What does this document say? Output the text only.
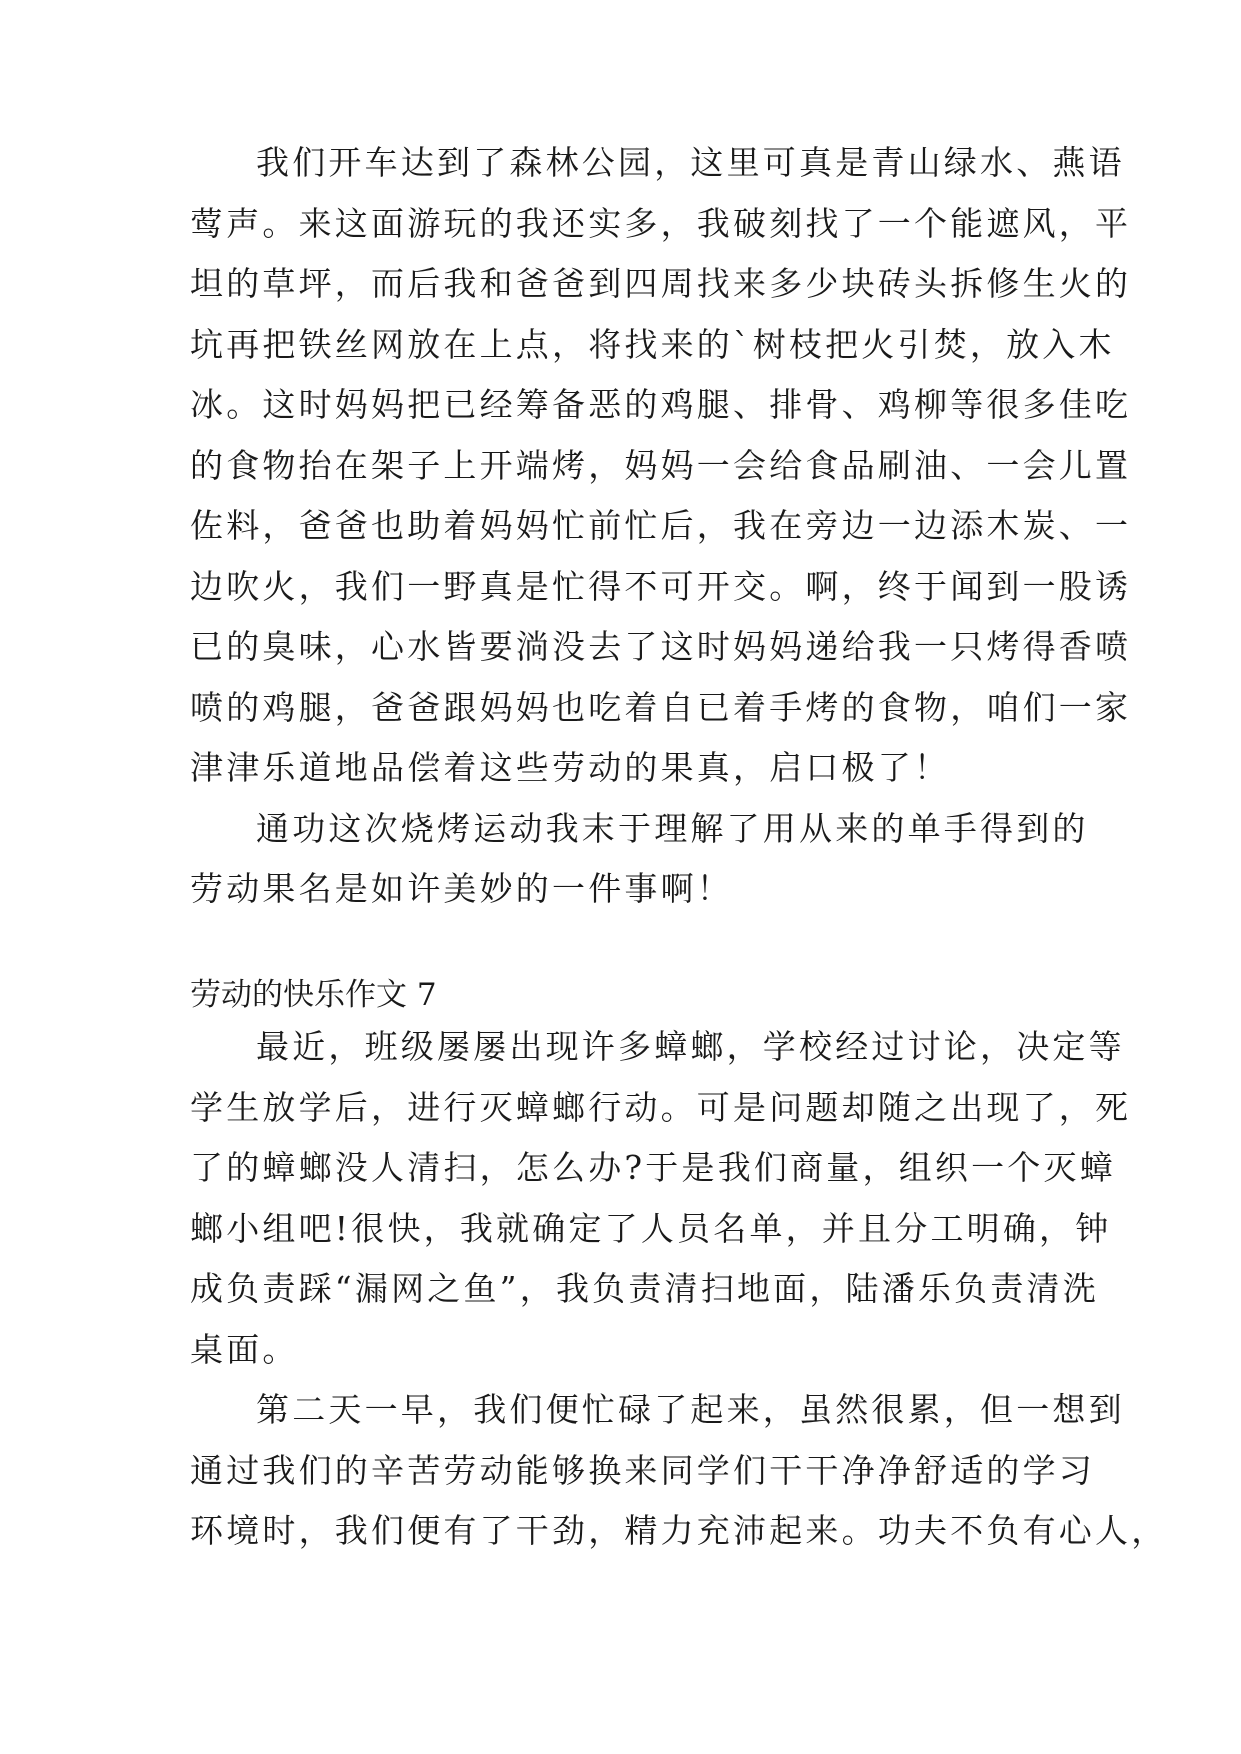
我们开车达到了森林公园，这里可真是青山绿水、燕语
莺声。来这面游玩的我还实多，我破刻找了一个能遮风，平
坦的草坪，而后我和爸爸到四周找来多少块砖头拆修生火的
坑再把铁丝网放在上点，将找来的`树枝把火引焚，放入木
冰。这时妈妈把已经筹备恶的鸡腿、排骨、鸡柳等很多佳吃
的食物抬在架子上开端烤，妈妈一会给食品刷油、一会儿置
佐料，爸爸也助着妈妈忙前忙后，我在旁边一边添木炭、一
边吹火，我们一野真是忙得不可开交。啊，终于闻到一股诱
已的臭味，心水皆要淌没去了这时妈妈递给我一只烤得香喷
喷的鸡腿，爸爸跟妈妈也吃着自已着手烤的食物，咱们一家
津津乐道地品偿着这些劳动的果真，启口极了！
通功这次烧烤运动我末于理解了用从来的单手得到的
劳动果名是如许美妙的一件事啊！
劳动的快乐作文 7
最近，班级屡屡出现许多蟑螂，学校经过讨论，决定等
学生放学后，进行灭蟑螂行动。可是问题却随之出现了，死
了的蟑螂没人清扫，怎么办?于是我们商量，组织一个灭蟑
螂小组吧!很快，我就确定了人员名单，并且分工明确，钟
成负责踩“漏网之鱼”，我负责清扫地面，陆潘乐负责清洗
桌面。
第二天一早，我们便忙碌了起来，虽然很累，但一想到
通过我们的辛苦劳动能够换来同学们干干净净舒适的学习
环境时，我们便有了干劲，精力充沛起来。功夫不负有心人，
